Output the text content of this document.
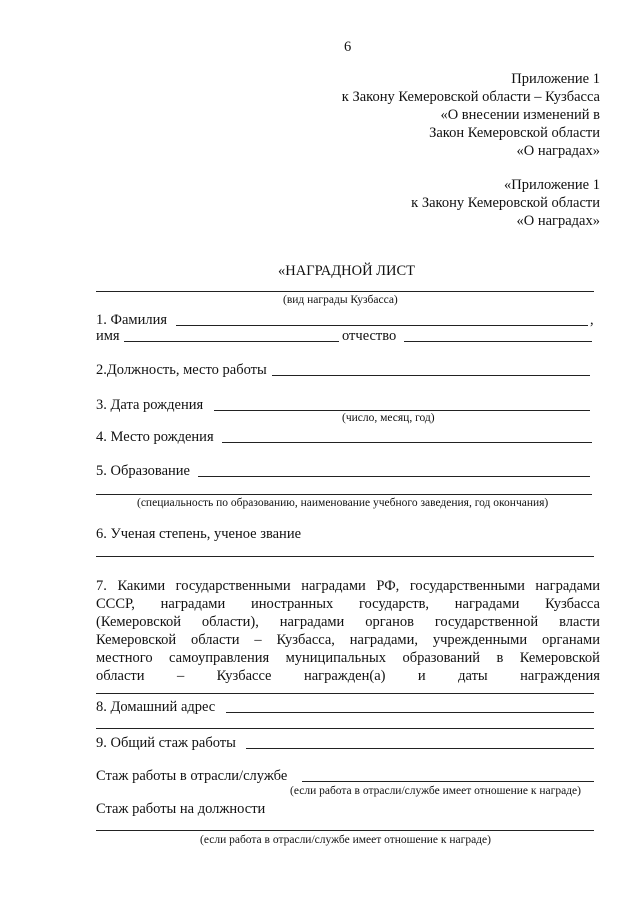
6
Приложение 1
к Закону Кемеровской области – Кузбасса
«О внесении изменений в
Закон Кемеровской области
«О наградах»
«Приложение 1
к Закону Кемеровской области
«О наградах»
«НАГРАДНОЙ ЛИСТ
(вид награды Кузбасса)
1. Фамилия	,
имя	отчество
2.Должность, место работы
3. Дата рождения
(число, месяц, год)
4. Место рождения
5. Образование
(специальность по образованию, наименование учебного заведения, год окончания)
6. Ученая степень, ученое звание
7. Какими государственными наградами РФ, государственными наградами
СССР, наградами иностранных государств, наградами Кузбасса
(Кемеровской области), наградами органов государственной власти
Кемеровской области – Кузбасса, наградами, учрежденными органами
местного самоуправления муниципальных образований в Кемеровской
области – Кузбассе награжден(а) и даты награждения
8. Домашний адрес
9. Общий стаж работы
Стаж работы в отрасли/службе
(если работа в отрасли/службе имеет отношение к награде)
Стаж работы на должности
(если работа в отрасли/службе имеет отношение к награде)
